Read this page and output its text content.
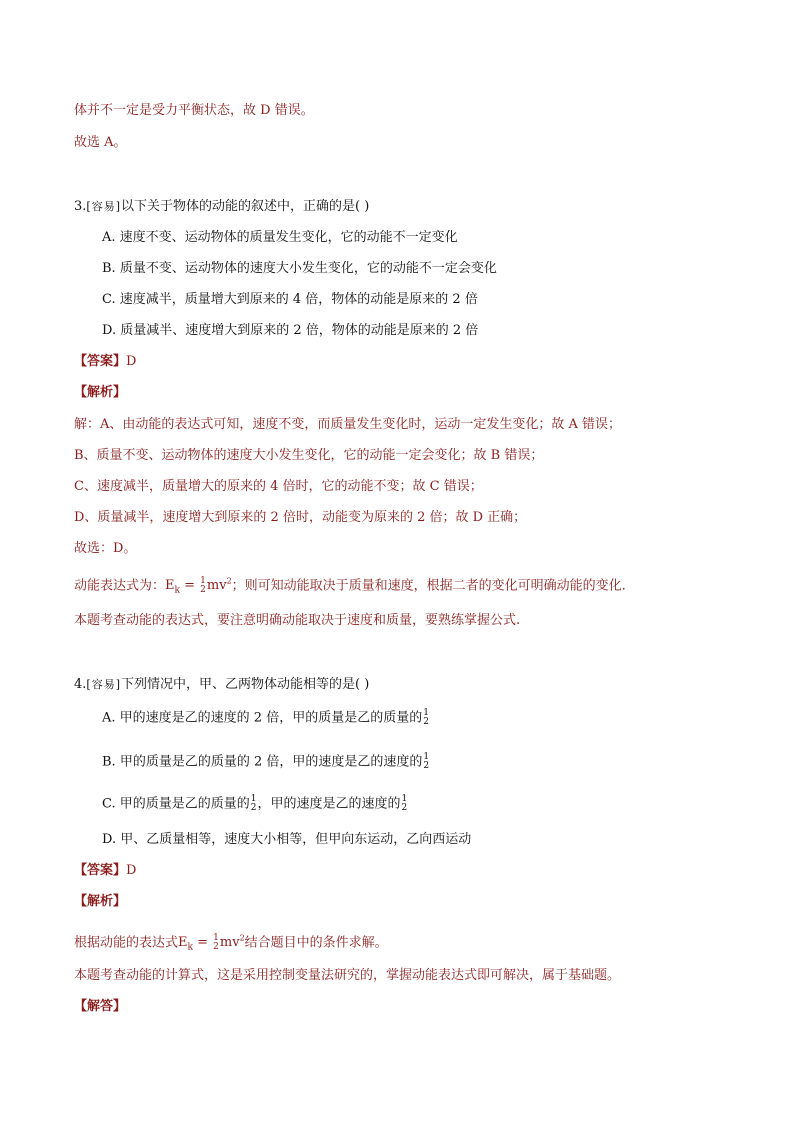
体并不一定是受力平衡状态，故 D 错误。
故选 A。
3.[容易]以下关于物体的动能的叙述中，正确的是( )
A. 速度不变、运动物体的质量发生变化，它的动能不一定变化
B. 质量不变、运动物体的速度大小发生变化，它的动能不一定会变化
C. 速度减半，质量增大到原来的 4 倍，物体的动能是原来的 2 倍
D. 质量减半、速度增大到原来的 2 倍，物体的动能是原来的 2 倍
【答案】D
【解析】
解：A、由动能的表达式可知，速度不变，而质量发生变化时，运动一定发生变化；故 A 错误；
B、质量不变、运动物体的速度大小发生变化，它的动能一定会变化；故 B 错误；
C、速度减半，质量增大的原来的 4 倍时，它的动能不变；故 C 错误；
D、质量减半，速度增大到原来的 2 倍时，动能变为原来的 2 倍；故 D 正确；
故选：D。
动能表达式为：$E_k = 1$
2 $mv^2$；则可知动能取决于质量和速度，根据二者的变化可明确动能的变化.
本题考查动能的表达式，要注意明确动能取决于速度和质量，要熟练掌握公式.
4.[容易]下列情况中，甲、乙两物体动能相等的是( )
A. 甲的速度是乙的速度的 2 倍，甲的质量是乙的质量的 1
2
B. 甲的质量是乙的质量的 2 倍，甲的速度是乙的速度的 1
2
C. 甲的质量是乙的质量的 1
2 ，甲的速度是乙的速度的 1
2
D. 甲、乙质量相等，速度大小相等，但甲向东运动，乙向西运动
【答案】D
【解析】
根据动能的表达式$E_k = 1$
2 $mv^2$结合题目中的条件求解。
本题考查动能的计算式，这是采用控制变量法研究的，掌握动能表达式即可解决，属于基础题。
【解答】
